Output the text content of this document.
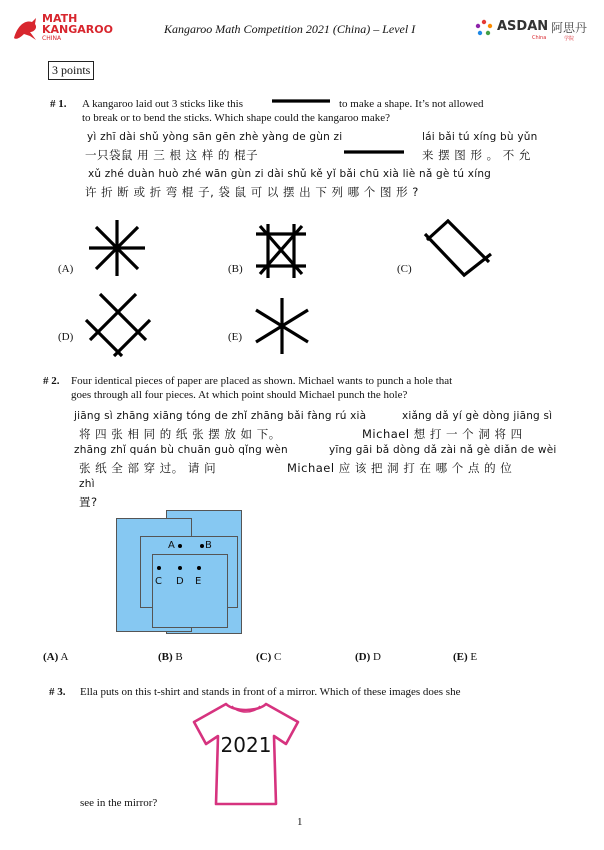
MATH
KANGAROO
CHINA
Kangaroo Math Competition 2021 (China) – Level I	ASDAN 阿思丹
China	学院
3 points
# 1. A kangaroo laid out 3 sticks like this	to make a shape. It’s not allowed
to break or to bend the sticks. Which shape could the kangaroo make?
yì zhī dài shǔ yòng sān gēn zhè yàng de gùn zi	lái bǎi tú xíng bù yǔn
一只袋鼠 用 三 根 这 样 的 棍子	来 摆 图 形 。 不 允
xǔ zhé duàn huò zhé wān gùn zi dài shǔ kě yǐ bǎi chū xià liè nǎ gè tú xíng
许 折 断 或 折 弯 棍 子, 袋 鼠 可 以 摆 出 下 列 哪 个 图 形 ?
(A)	(B)	(C)
(D)	(E)
# 2. Four identical pieces of paper are placed as shown. Michael wants to punch a hole that
goes through all four pieces. At which point should Michael punch the hole?
jiāng sì zhāng xiāng tóng de zhǐ zhāng bǎi fàng rú xià	xiǎng dǎ yí gè dòng jiāng sì
将 四 张 相 同 的 纸 张 摆 放 如 下。	Michael 想 打 一 个 洞 将 四
zhāng zhǐ quán bù chuān guò qǐng wèn	yīng gāi bǎ dòng dǎ zài nǎ gè diǎn de wèi
张 纸 全 部 穿 过。 请 问	Michael 应 该 把 洞 打 在 哪 个 点 的 位
zhì
置?
A	B
C D E
(A) A	(B) B	(C) C	(D) D	(E) E
# 3. Ella puts on this t-shirt and stands in front of a mirror. Which of these images does she
2021
see in the mirror?
1
